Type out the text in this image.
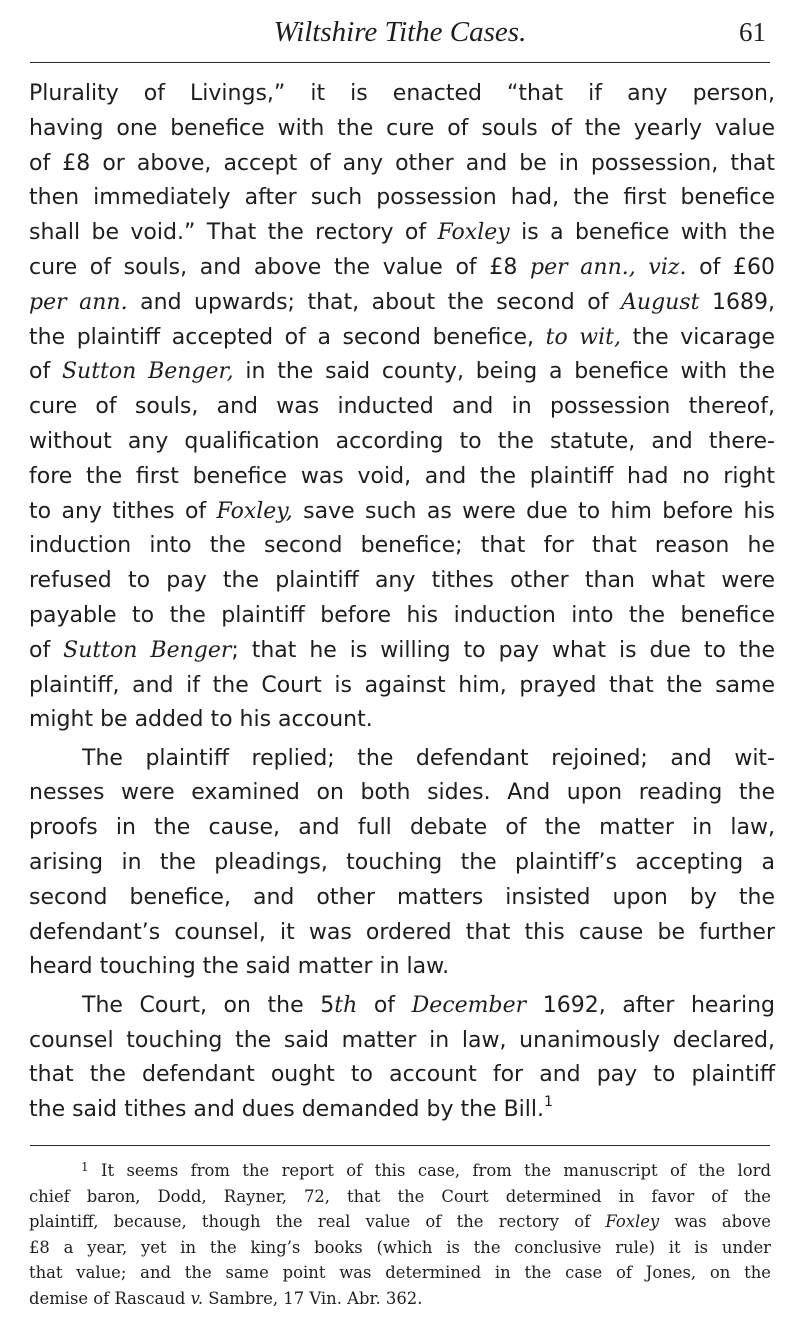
Wiltshire Tithe Cases.	61
Plurality of Livings,” it is enacted “that if any person,
having one benefice with the cure of souls of the yearly value
of £8 or above, accept of any other and be in possession, that
then immediately after such possession had, the first benefice
shall be void.” That the rectory of Foxley is a benefice with the
cure of souls, and above the value of £8 per ann., viz. of £60
per ann. and upwards; that, about the second of August 1689,
the plaintiff accepted of a second benefice, to wit, the vicarage
of Sutton Benger, in the said county, being a benefice with the
cure of souls, and was inducted and in possession thereof,
without any qualification according to the statute, and there-
fore the first benefice was void, and the plaintiff had no right
to any tithes of Foxley, save such as were due to him before his
induction into the second benefice; that for that reason he
refused to pay the plaintiff any tithes other than what were
payable to the plaintiff before his induction into the benefice
of Sutton Benger; that he is willing to pay what is due to the
plaintiff, and if the Court is against him, prayed that the same
might be added to his account.
The plaintiff replied; the defendant rejoined; and wit-
nesses were examined on both sides. And upon reading the
proofs in the cause, and full debate of the matter in law,
arising in the pleadings, touching the plaintiff’s accepting a
second benefice, and other matters insisted upon by the
defendant’s counsel, it was ordered that this cause be further
heard touching the said matter in law.
The Court, on the 5th of December 1692, after hearing
counsel touching the said matter in law, unanimously declared,
that the defendant ought to account for and pay to plaintiff
the said tithes and dues demanded by the Bill.$^1$
$^1$ It seems from the report of this case, from the manuscript of the lord
chief baron, Dodd, Rayner, 72, that the Court determined in favor of the
plaintiff, because, though the real value of the rectory of Foxley was above
£8 a year, yet in the king’s books (which is the conclusive rule) it is under
that value; and the same point was determined in the case of Jones, on the
demise of Rascaud v. Sambre, 17 Vin. Abr. 362.
